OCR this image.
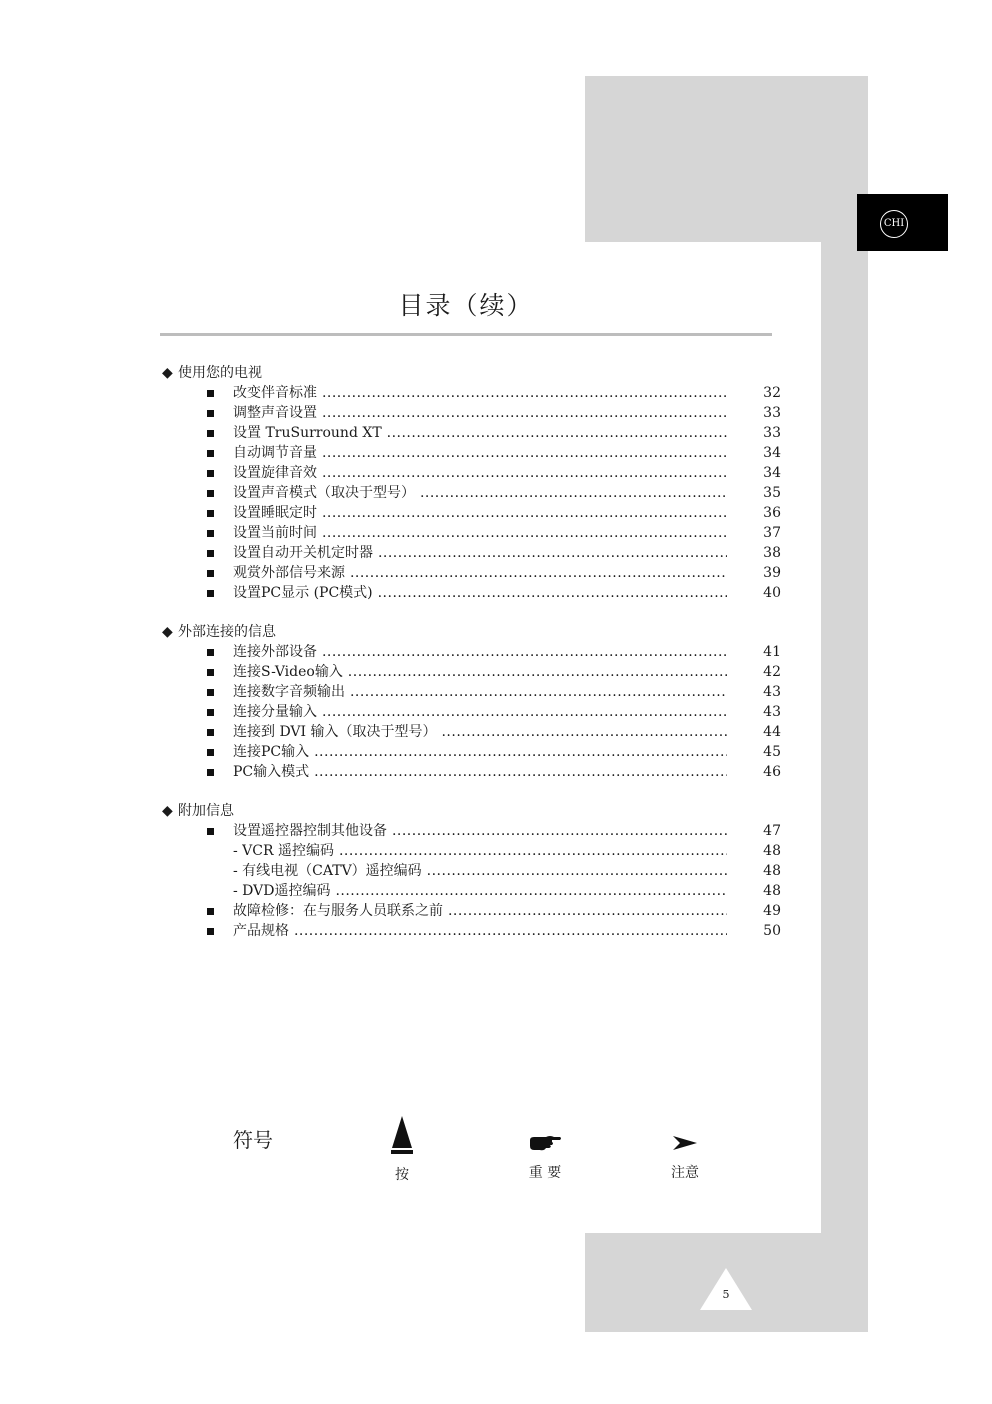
CHI
目录（续）
◆ 使用您的电视
改变伴音标准 .....	32
调整声音设置 .....	33
设置 TruSurround XT .....	33
自动调节音量 .....	34
设置旋律音效 .....	34
设置声音模式（取决于型号） .....	35
设置睡眠定时 .....	36
设置当前时间 .....	37
设置自动开关机定时器 .....	38
观赏外部信号来源 .....	39
设置PC显示 (PC模式) .....	40
◆ 外部连接的信息
连接外部设备 .....	41
连接S-Video输入 .....	42
连接数字音频输出 .....	43
连接分量输入 .....	43
连接到 DVI 输入（取决于型号） .....	44
连接PC输入 .....	45
PC输入模式 .....	46
◆ 附加信息
设置遥控器控制其他设备 .....	47
- VCR 遥控编码 .....	48
- 有线电视（CATV）遥控编码 .....	48
- DVD遥控编码 .....	48
故障检修：在与服务人员联系之前 .....	49
产品规格 .....	50
符号
按	重 要	注意
5
